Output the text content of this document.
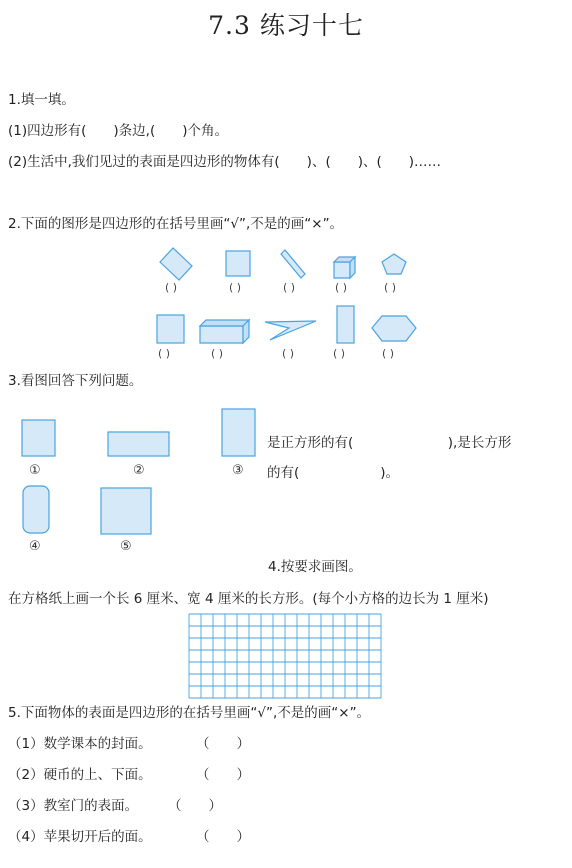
7.3 练习十七
1.填一填。
(1)四边形有(　　)条边,(　　)个角。
(2)生活中,我们见过的表面是四边形的物体有(　　)、(　　)、(　　)……
2.下面的图形是四边形的在括号里画“√”,不是的画“×”。
( )	( )	( )	( )	( )
( )	( )	( )	( )	( )
3.看图回答下列问题。
①	②	③
④	⑤
是正方形的有(　　　　　　　),是长方形
的有(　　　　　　)。
4.按要求画图。
在方格纸上画一个长 6 厘米、宽 4 厘米的长方形。(每个小方格的边长为 1 厘米)
5.下面物体的表面是四边形的在括号里画“√”,不是的画“×”。
（1）数学课本的封面。	（　　）
（2）硬币的上、下面。	（　　）
（3）教室门的表面。 （　　）
（4）苹果切开后的面。	（　　）
